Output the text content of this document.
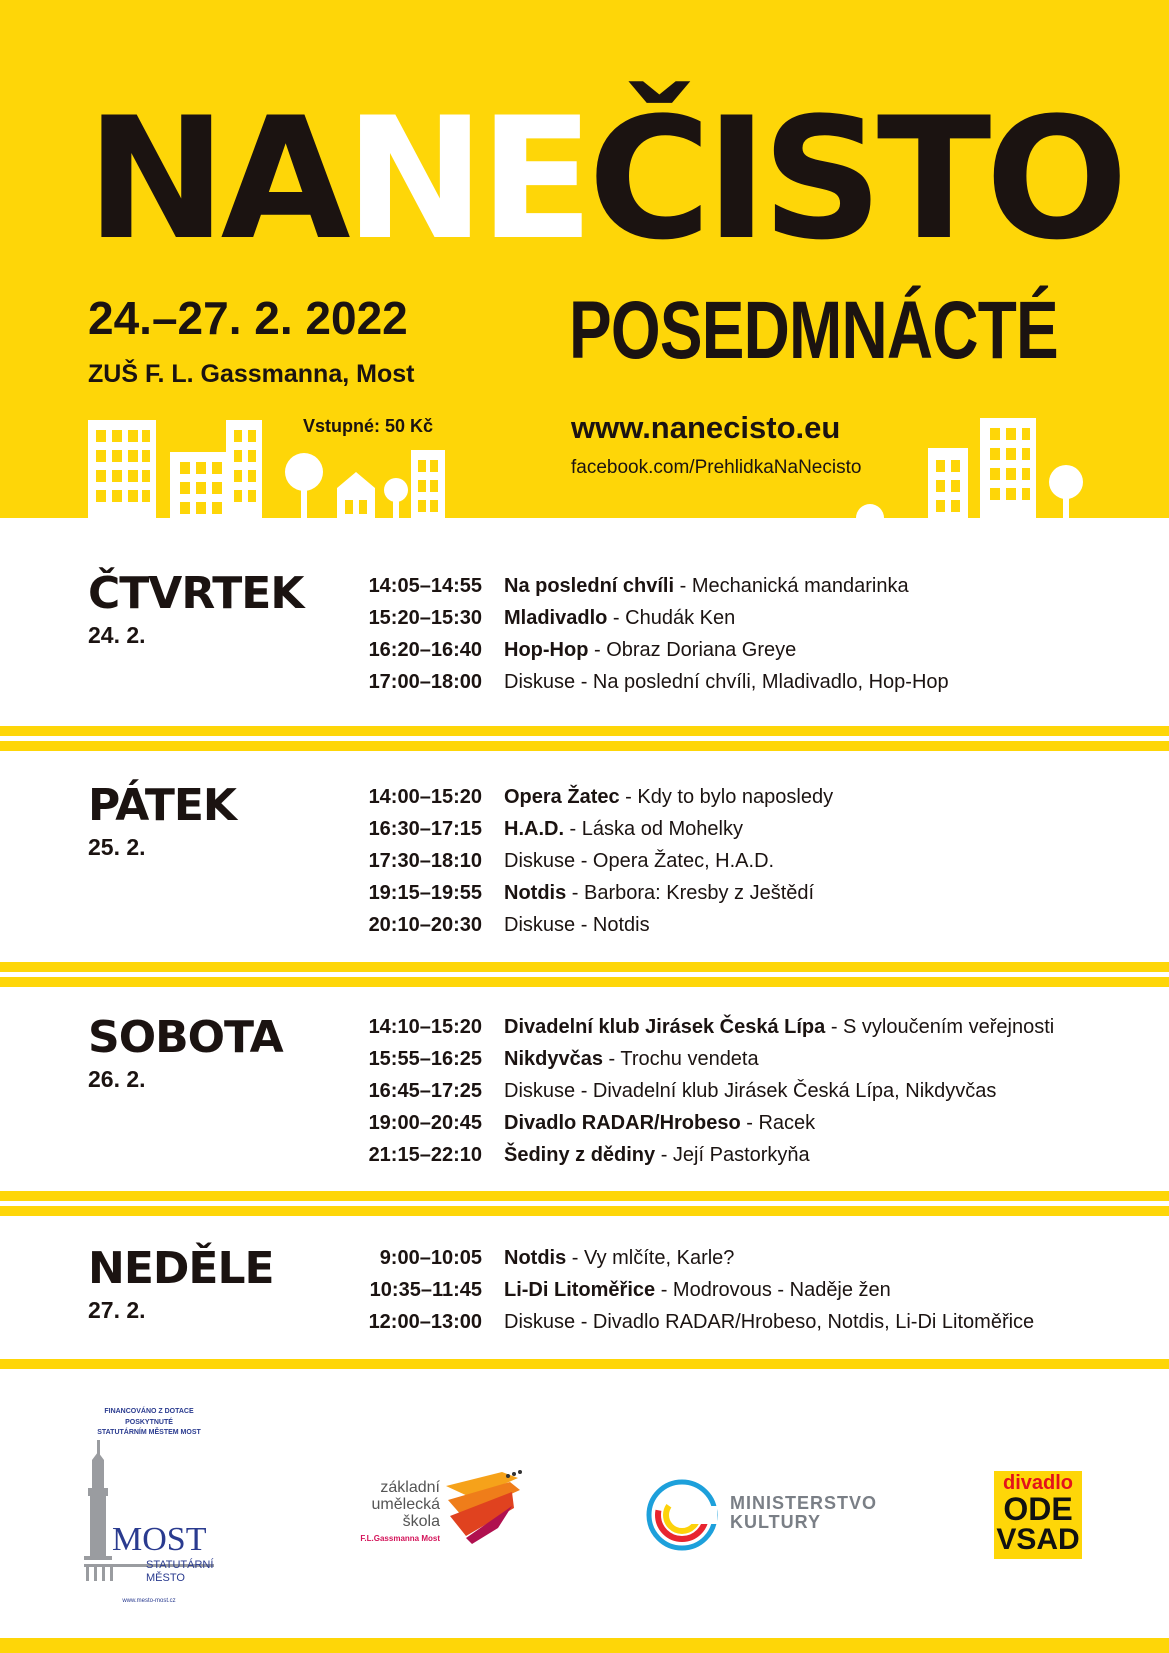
NANEČISTO
24.–27. 2. 2022
ZUŠ F. L. Gassmanna, Most
Vstupné: 50 Kč
POSEDMNÁCTÉ
www.nanecisto.eu
facebook.com/PrehlidkaNaNecisto
ČTVRTEK
24. 2.
14:05–14:55 Na poslední chvíli - Mechanická mandarinka
15:20–15:30 Mladivadlo - Chudák Ken
16:20–16:40 Hop-Hop - Obraz Doriana Greye
17:00–18:00 Diskuse - Na poslední chvíli, Mladivadlo, Hop-Hop
PÁTEK
25. 2.
14:00–15:20 Opera Žatec - Kdy to bylo naposledy
16:30–17:15 H.A.D. - Láska od Mohelky
17:30–18:10 Diskuse - Opera Žatec, H.A.D.
19:15–19:55 Notdis - Barbora: Kresby z Ještědí
20:10–20:30 Diskuse - Notdis
SOBOTA
26. 2.
14:10–15:20 Divadelní klub Jirásek Česká Lípa - S vyloučením veřejnosti
15:55–16:25 Nikdyvčas - Trochu vendeta
16:45–17:25 Diskuse - Divadelní klub Jirásek Česká Lípa, Nikdyvčas
19:00–20:45 Divadlo RADAR/Hrobeso - Racek
21:15–22:10 Šediny z dědiny - Její Pastorkyňa
NEDĚLE
27. 2.
9:00–10:05 Notdis - Vy mlčíte, Karle?
10:35–11:45 Li-Di Litoměřice - Modrovous - Naděje žen
12:00–13:00 Diskuse - Divadlo RADAR/Hrobeso, Notdis, Li-Di Litoměřice
FINANCOVÁNO Z DOTACE POSKYTNUTÉ
STATUTÁRNÍM MĚSTEM MOST
MOST
STATUTÁRNÍ
MĚSTO
www.mesto-most.cz
základní
umělecká
škola
F.L.Gassmanna Most
MINISTERSTVO
KULTURY
divadlo
ODE
VSAD
